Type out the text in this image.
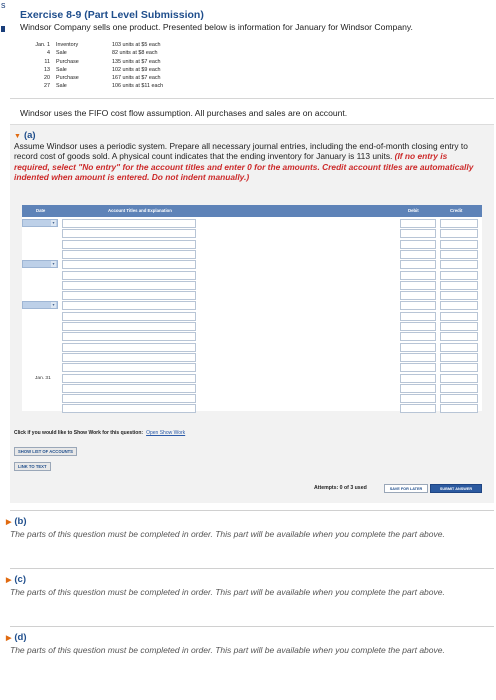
s
Exercise 8-9 (Part Level Submission)
Windsor Company sells one product. Presented below is information for January for Windsor Company.
Jan. 1 Inventory	103 units at $5 each
4 Sale	82 units at $8 each
11 Purchase	135 units at $7 each
13 Sale	102 units at $9 each
20 Purchase	167 units at $7 each
27 Sale	106 units at $11 each
Windsor uses the FIFO cost flow assumption. All purchases and sales are on account.
▼ (a)
Assume Windsor uses a periodic system. Prepare all necessary journal entries, including the end-of-month closing entry to record cost of goods sold. A physical count indicates that the ending inventory for January is 113 units. (If no entry is required, select "No entry" for the account titles and enter 0 for the amounts. Credit account titles are automatically indented when amount is entered. Do not indent manually.)
Date	Account Titles and Explanation	Debit	Credit
▾
▾
▾
Jan. 31
Click if you would like to Show Work for this question: Open Show Work
SHOW LIST OF ACCOUNTS
LINK TO TEXT
Attempts: 0 of 3 used	SAVE FOR LATER	SUBMIT ANSWER
▶ (b)
The parts of this question must be completed in order. This part will be available when you complete the part above.
▶ (c)
The parts of this question must be completed in order. This part will be available when you complete the part above.
▶ (d)
The parts of this question must be completed in order. This part will be available when you complete the part above.
